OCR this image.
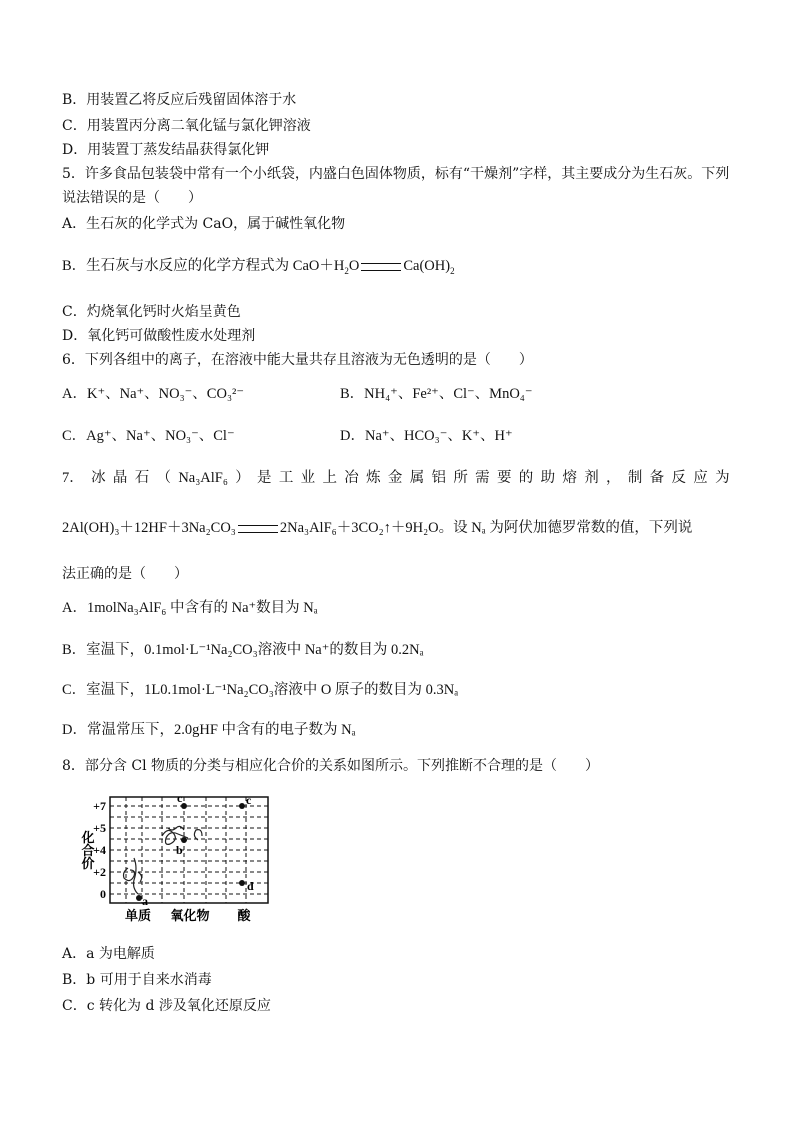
B．用装置乙将反应后残留固体溶于水
C．用装置丙分离二氧化锰与氯化钾溶液
D．用装置丁蒸发结晶获得氯化钾
5．许多食品包装袋中常有一个小纸袋，内盛白色固体物质，标有“干燥剂”字样，其主要成分为生石灰。下列
说法错误的是（　　）
A．生石灰的化学式为 CaO，属于碱性氧化物
B．生石灰与水反应的化学方程式为 $CaO+H_2O$	$Ca(OH)_2$
C．灼烧氧化钙时火焰呈黄色
D．氧化钙可做酸性废水处理剂
6．下列各组中的离子，在溶液中能大量共存且溶液为无色透明的是（　　）
A．K⁺、Na⁺、NO₃⁻、CO₃²⁻	B．NH₄⁺、Fe²⁺、Cl⁻、MnO₄⁻
C．Ag⁺、Na⁺、NO₃⁻、Cl⁻	D．Na⁺、HCO₃⁻、K⁺、H⁺
7． 冰 晶 石 （ Na₃AlF₆ ） 是 工 业 上 冶 炼 金 属 铝 所 需 要 的 助 熔 剂 ， 制 备 反 应 为
2Al(OH)₃＋12HF＋3Na₂CO₃	2Na₃AlF₆＋3CO₂↑＋9H₂O。设 Nₐ 为阿伏加德罗常数的值，下列说
法正确的是（　　）
A．1molNa₃AlF₆ 中含有的 Na⁺数目为 Nₐ
B．室温下，0.1mol·L⁻¹Na₂CO₃溶液中 Na⁺的数目为 0.2Nₐ
C．室温下，1L0.1mol·L⁻¹Na₂CO₃溶液中 O 原子的数目为 0.3Nₐ
D．常温常压下，2.0gHF 中含有的电子数为 Nₐ
8．部分含 Cl 物质的分类与相应化合价的关系如图所示。下列推断不合理的是（　　）
化合价
+7
+5
+4
+2
0
单质 氧化物 酸
a
b
c	c
d
A．a 为电解质
B．b 可用于自来水消毒
C．c 转化为 d 涉及氧化还原反应
